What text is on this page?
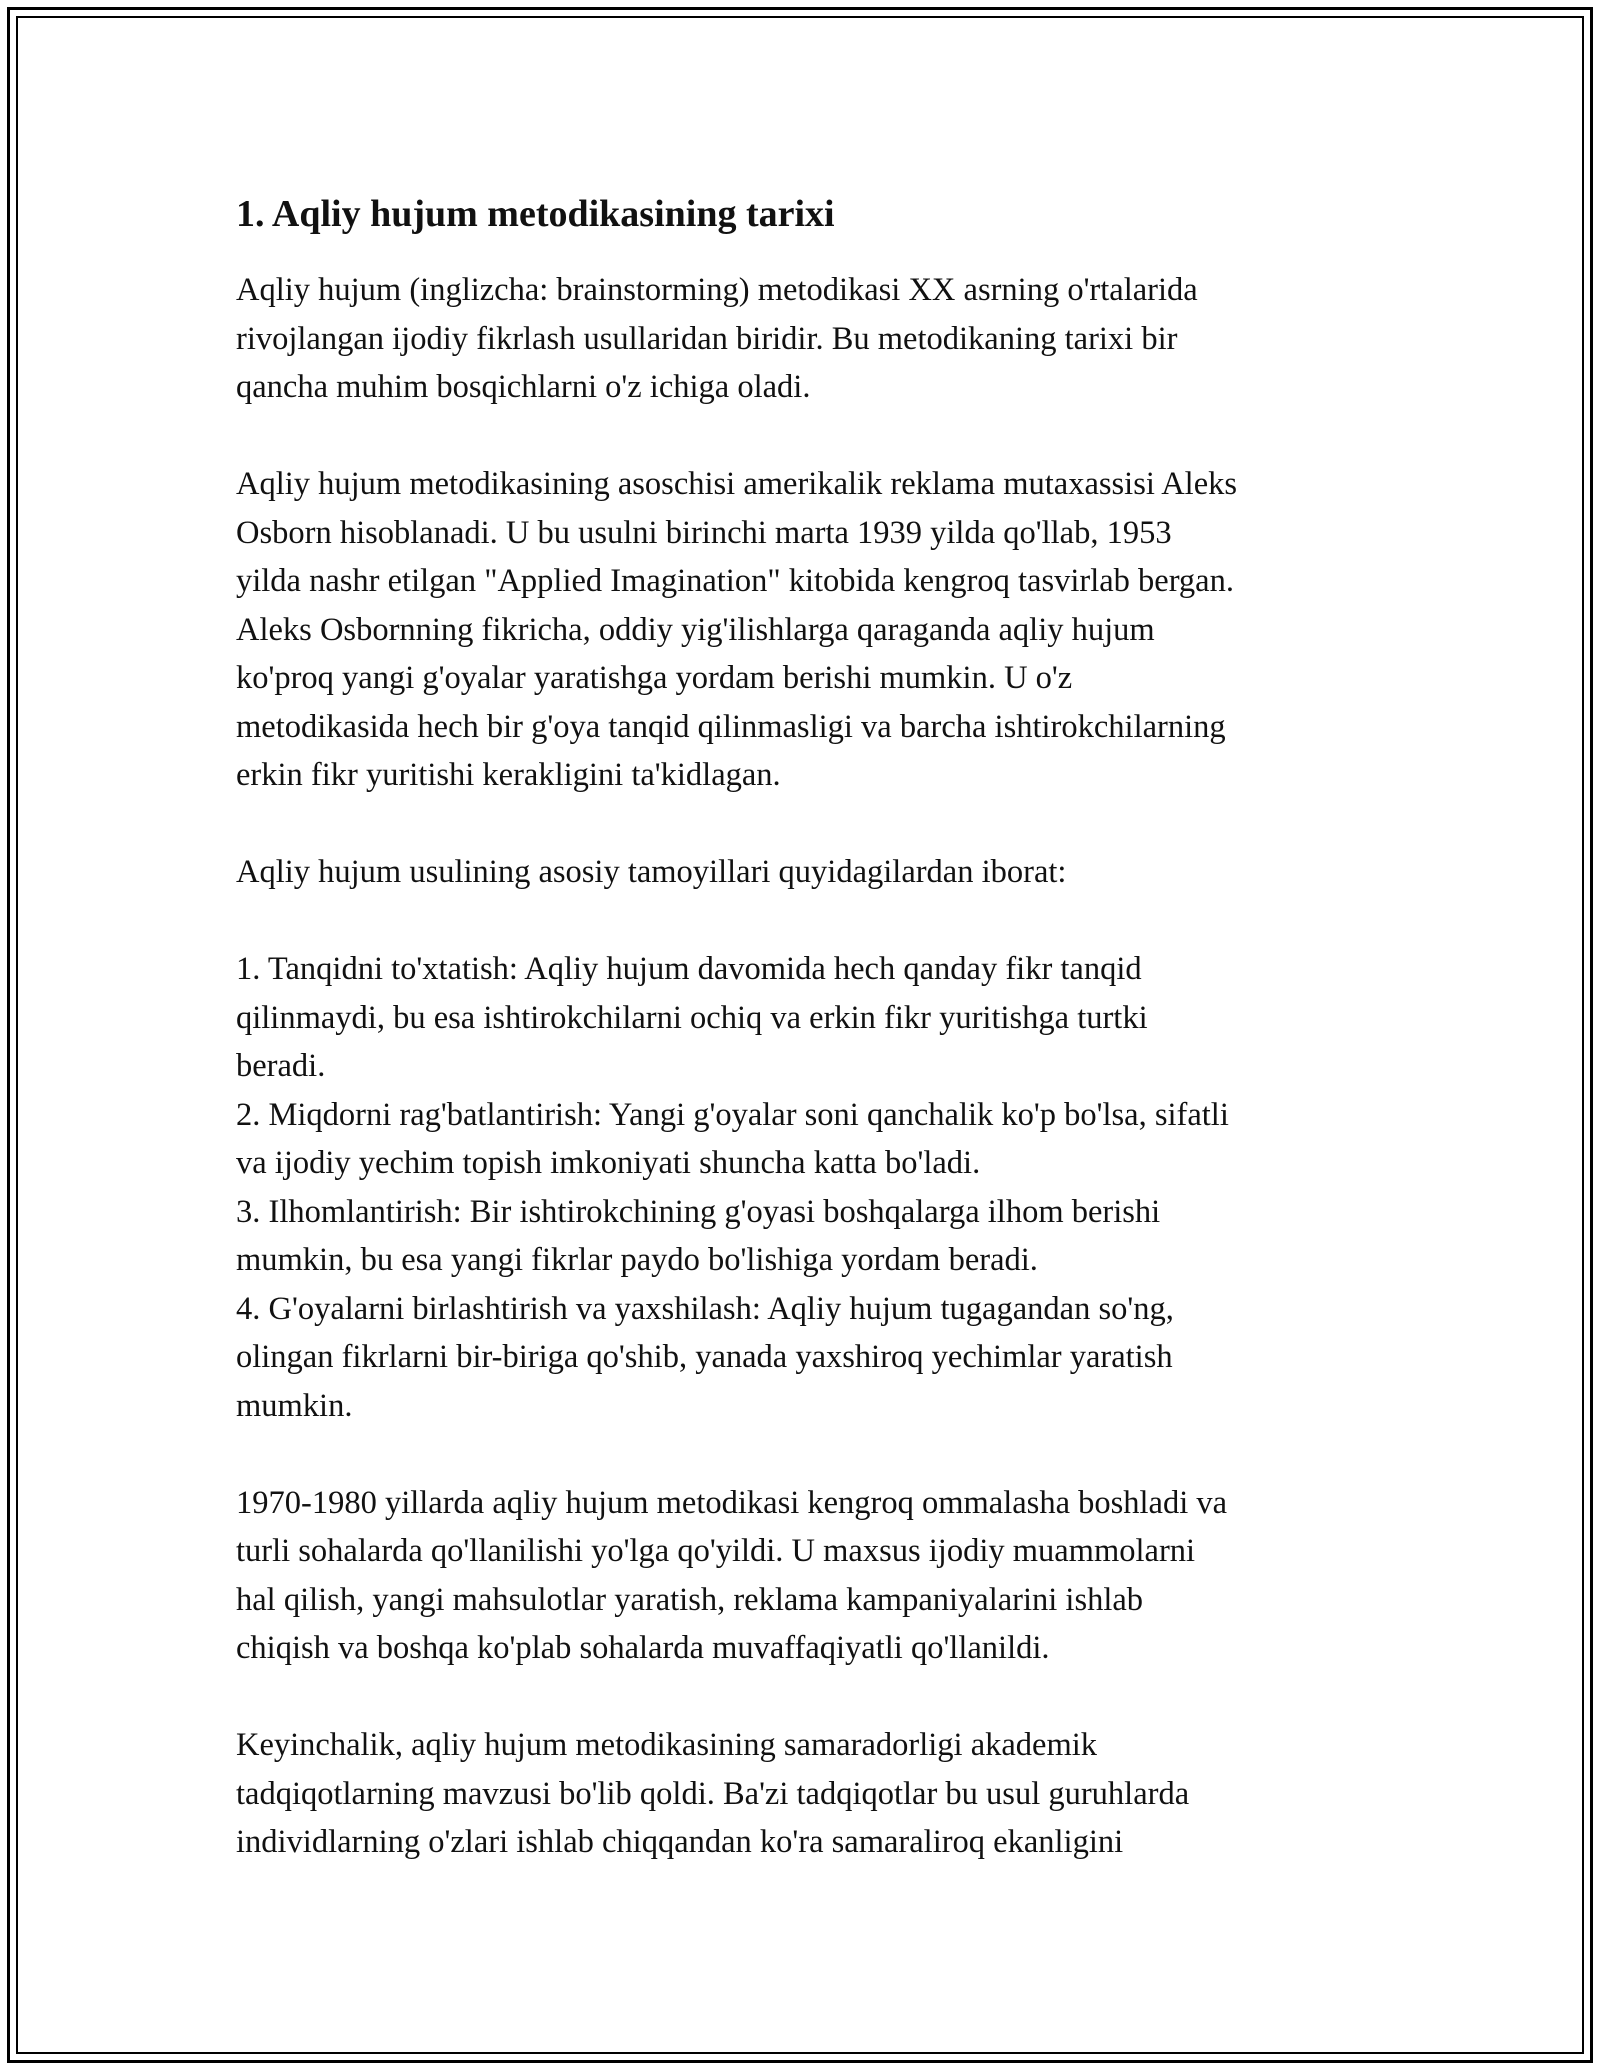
1. Aqliy hujum metodikasining tarixi

Aqliy hujum (inglizcha: brainstorming) metodikasi XX asrning o'rtalarida
rivojlangan ijodiy fikrlash usullaridan biridir. Bu metodikaning tarixi bir
qancha muhim bosqichlarni o'z ichiga oladi.

Aqliy hujum metodikasining asoschisi amerikalik reklama mutaxassisi Aleks
Osborn hisoblanadi. U bu usulni birinchi marta 1939 yilda qo'llab, 1953
yilda nashr etilgan "Applied Imagination" kitobida kengroq tasvirlab bergan.
Aleks Osbornning fikricha, oddiy yig'ilishlarga qaraganda aqliy hujum
ko'proq yangi g'oyalar yaratishga yordam berishi mumkin. U o'z
metodikasida hech bir g'oya tanqid qilinmasligi va barcha ishtirokchilarning
erkin fikr yuritishi kerakligini ta'kidlagan.

Aqliy hujum usulining asosiy tamoyillari quyidagilardan iborat:

1. Tanqidni to'xtatish: Aqliy hujum davomida hech qanday fikr tanqid
qilinmaydi, bu esa ishtirokchilarni ochiq va erkin fikr yuritishga turtki
beradi.
2. Miqdorni rag'batlantirish: Yangi g'oyalar soni qanchalik ko'p bo'lsa, sifatli
va ijodiy yechim topish imkoniyati shuncha katta bo'ladi.
3. Ilhomlantirish: Bir ishtirokchining g'oyasi boshqalarga ilhom berishi
mumkin, bu esa yangi fikrlar paydo bo'lishiga yordam beradi.
4. G'oyalarni birlashtirish va yaxshilash: Aqliy hujum tugagandan so'ng,
olingan fikrlarni bir-biriga qo'shib, yanada yaxshiroq yechimlar yaratish
mumkin.

1970-1980 yillarda aqliy hujum metodikasi kengroq ommalasha boshladi va
turli sohalarda qo'llanilishi yo'lga qo'yildi. U maxsus ijodiy muammolarni
hal qilish, yangi mahsulotlar yaratish, reklama kampaniyalarini ishlab
chiqish va boshqa ko'plab sohalarda muvaffaqiyatli qo'llanildi.

Keyinchalik, aqliy hujum metodikasining samaradorligi akademik
tadqiqotlarning mavzusi bo'lib qoldi. Ba'zi tadqiqotlar bu usul guruhlarda
individlarning o'zlari ishlab chiqqandan ko'ra samaraliroq ekanligini
